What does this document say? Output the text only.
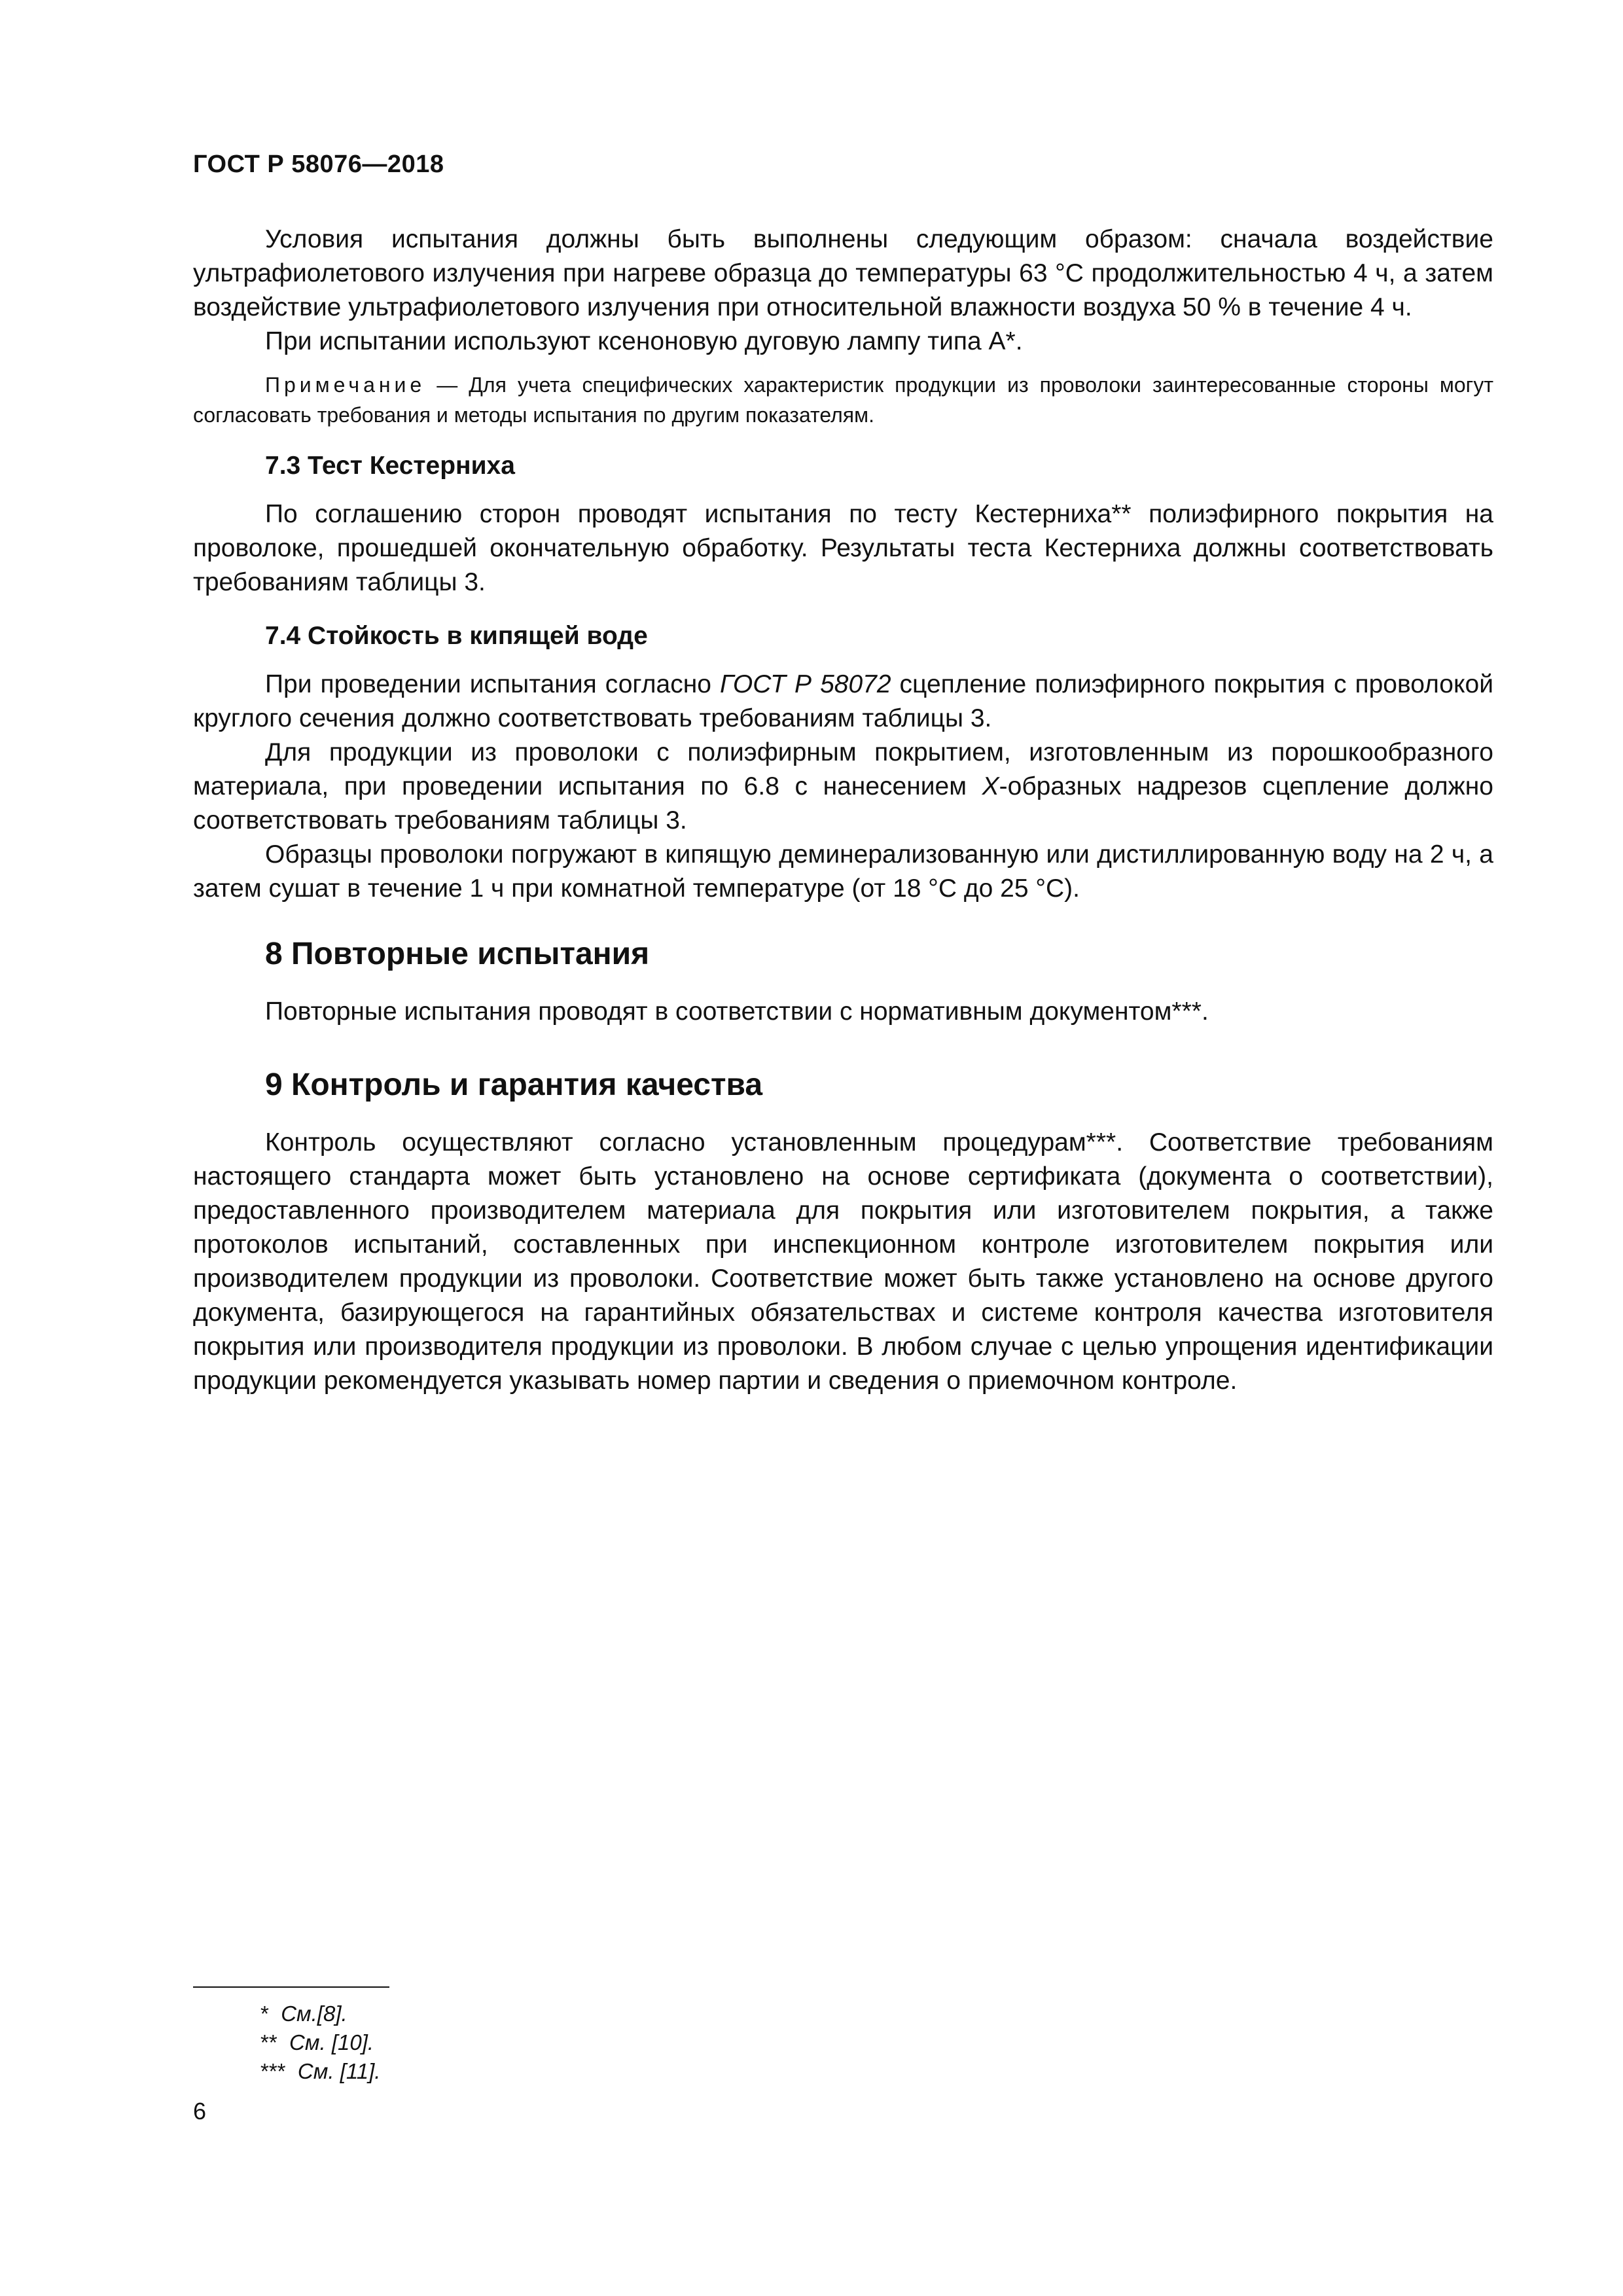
ГОСТ Р 58076—2018

Условия испытания должны быть выполнены следующим образом: сначала воздействие ультрафиолетового излучения при нагреве образца до температуры 63 °С продолжительностью 4 ч, а затем воздействие ультрафиолетового излучения при относительной влажности воздуха 50 % в течение 4 ч.

При испытании используют ксеноновую дуговую лампу типа А*.

Примечание — Для учета специфических характеристик продукции из проволоки заинтересованные стороны могут согласовать требования и методы испытания по другим показателям.

7.3 Тест Кестерниха

По соглашению сторон проводят испытания по тесту Кестерниха** полиэфирного покрытия на проволоке, прошедшей окончательную обработку. Результаты теста Кестерниха должны соответствовать требованиям таблицы 3.

7.4 Стойкость в кипящей воде

При проведении испытания согласно ГОСТ Р 58072 сцепление полиэфирного покрытия с проволокой круглого сечения должно соответствовать требованиям таблицы 3.

Для продукции из проволоки с полиэфирным покрытием, изготовленным из порошкообразного материала, при проведении испытания по 6.8 с нанесением X-образных надрезов сцепление должно соответствовать требованиям таблицы 3.

Образцы проволоки погружают в кипящую деминерализованную или дистиллированную воду на 2 ч, а затем сушат в течение 1 ч при комнатной температуре (от 18 °С до 25 °С).

8 Повторные испытания

Повторные испытания проводят в соответствии с нормативным документом***.

9 Контроль и гарантия качества

Контроль осуществляют согласно установленным процедурам***. Соответствие требованиям настоящего стандарта может быть установлено на основе сертификата (документа о соответствии), предоставленного производителем материала для покрытия или изготовителем покрытия, а также протоколов испытаний, составленных при инспекционном контроле изготовителем покрытия или производителем продукции из проволоки. Соответствие может быть также установлено на основе другого документа, базирующегося на гарантийных обязательствах и системе контроля качества изготовителя покрытия или производителя продукции из проволоки. В любом случае с целью упрощения идентификации продукции рекомендуется указывать номер партии и сведения о приемочном контроле.

* См.[8].
** См. [10].
*** См. [11].
6
